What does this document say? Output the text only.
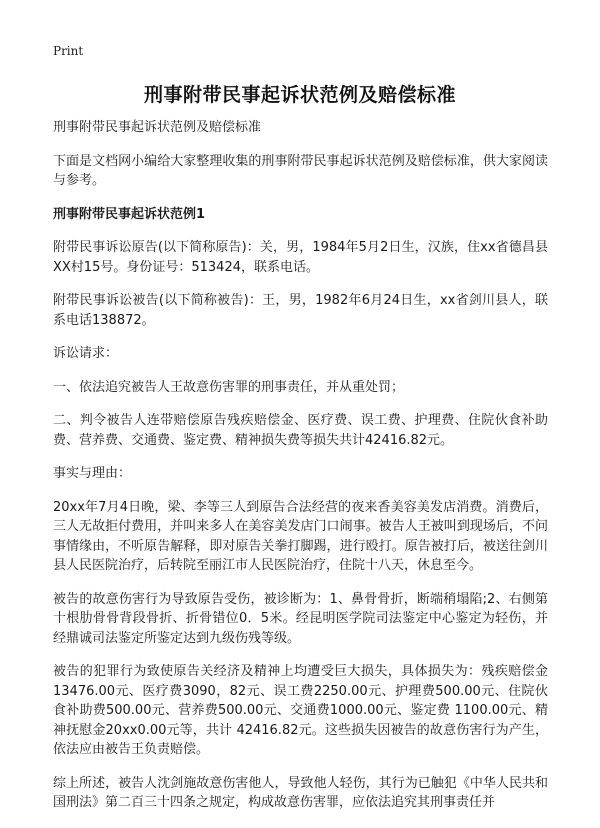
Print
刑事附带民事起诉状范例及赔偿标准

刑事附带民事起诉状范例及赔偿标准

下面是文档网小编给大家整理收集的刑事附带民事起诉状范例及赔偿标准，供大家阅读与参考。

刑事附带民事起诉状范例1

附带民事诉讼原告(以下简称原告)：关，男，1984年5月2日生，汉族，住xx省德昌县XX村15号。身份证号：513424，联系电话。

附带民事诉讼被告(以下简称被告)：王，男，1982年6月24日生，xx省剑川县人，联系电话138872。

诉讼请求：

一、依法追究被告人王故意伤害罪的刑事责任，并从重处罚；

二、判令被告人连带赔偿原告残疾赔偿金、医疗费、误工费、护理费、住院伙食补助费、营养费、交通费、鉴定费、精神损失费等损失共计42416.82元。

事实与理由：

20xx年7月4日晚，梁、李等三人到原告合法经营的夜来香美容美发店消费。消费后，三人无故拒付费用，并叫来多人在美容美发店门口闹事。被告人王被叫到现场后，不问事情缘由，不听原告解释，即对原告关拳打脚踢，进行殴打。原告被打后，被送往剑川县人民医院治疗，后转院至丽江市人民医院治疗，住院十八天，休息至今。

被告的故意伤害行为导致原告受伤，被诊断为：1、鼻骨骨折，断端稍塌陷;2、右侧第十根肋骨骨背段骨折、折骨错位0．5米。经昆明医学院司法鉴定中心鉴定为轻伤，并经鼎诚司法鉴定所鉴定达到九级伤残等级。

被告的犯罪行为致使原告关经济及精神上均遭受巨大损失，具体损失为：残疾赔偿金13476.00元、医疗费3090，82元、误工费2250.00元、护理费500.00元、住院伙食补助费500.00元、营养费500.00元、交通费1000.00元、鉴定费 1100.00元、精神抚慰金20xx0.00元等，共计 42416.82元。这些损失因被告的故意伤害行为产生，依法应由被告王负责赔偿。

综上所述，被告人沈剑施故意伤害他人，导致他人轻伤，其行为已触犯《中华人民共和国刑法》第二百三十四条之规定，构成故意伤害罪，应依法追究其刑事责任并
